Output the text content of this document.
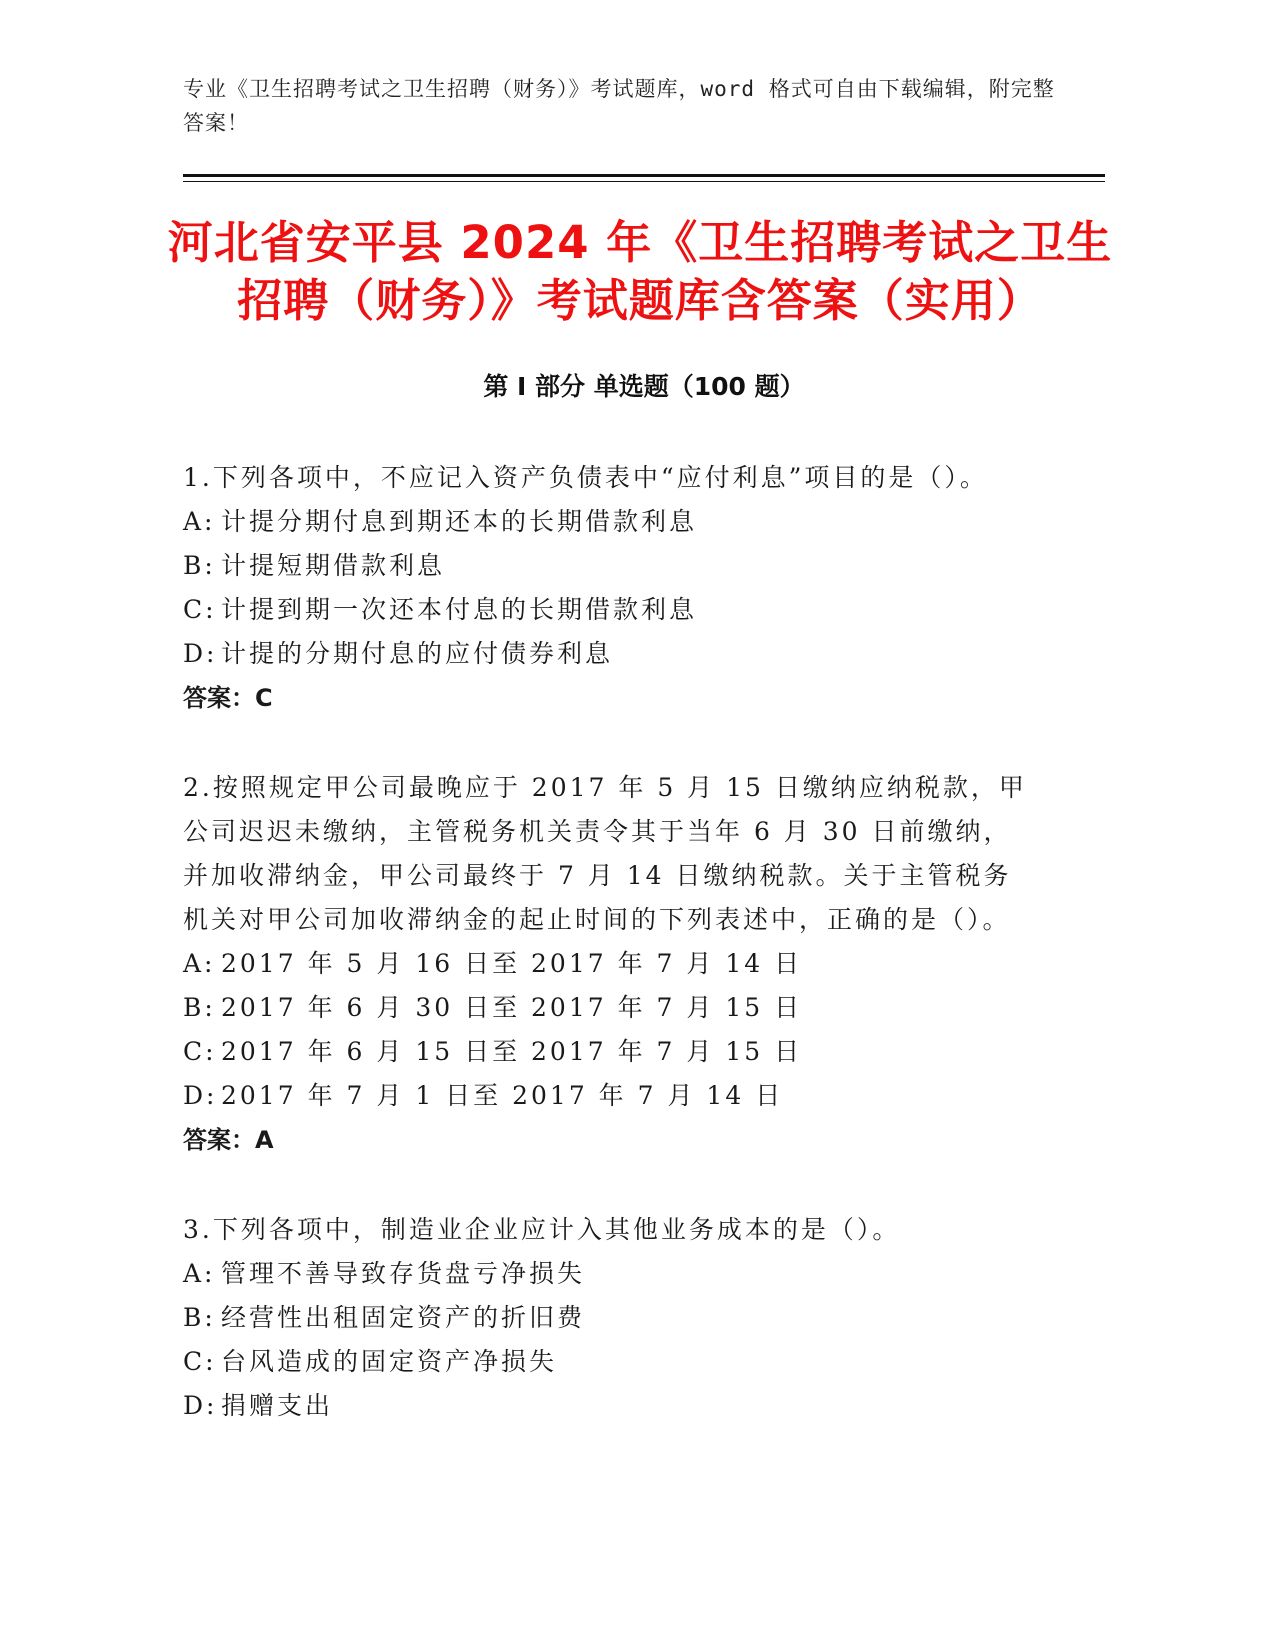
专业《卫生招聘考试之卫生招聘（财务）》考试题库，word 格式可自由下载编辑，附完整答案！
河北省安平县 2024 年《卫生招聘考试之卫生招聘（财务）》考试题库含答案（实用）
第 I 部分 单选题（100 题）

1.下列各项中，不应记入资产负债表中“应付利息”项目的是（）。

A: 计提分期付息到期还本的长期借款利息

B: 计提短期借款利息

C: 计提到期一次还本付息的长期借款利息

D: 计提的分期付息的应付债券利息

答案：C

2.按照规定甲公司最晚应于 2017 年 5 月 15 日缴纳应纳税款，甲公司迟迟未缴纳，主管税务机关责令其于当年 6 月 30 日前缴纳，并加收滞纳金，甲公司最终于 7 月 14 日缴纳税款。关于主管税务机关对甲公司加收滞纳金的起止时间的下列表述中，正确的是（）。

A: 2017 年 5 月 16 日至 2017 年 7 月 14 日

B: 2017 年 6 月 30 日至 2017 年 7 月 15 日

C: 2017 年 6 月 15 日至 2017 年 7 月 15 日

D: 2017 年 7 月 1 日至 2017 年 7 月 14 日

答案：A

3.下列各项中，制造业企业应计入其他业务成本的是（）。

A: 管理不善导致存货盘亏净损失

B: 经营性出租固定资产的折旧费

C: 台风造成的固定资产净损失

D: 捐赠支出
